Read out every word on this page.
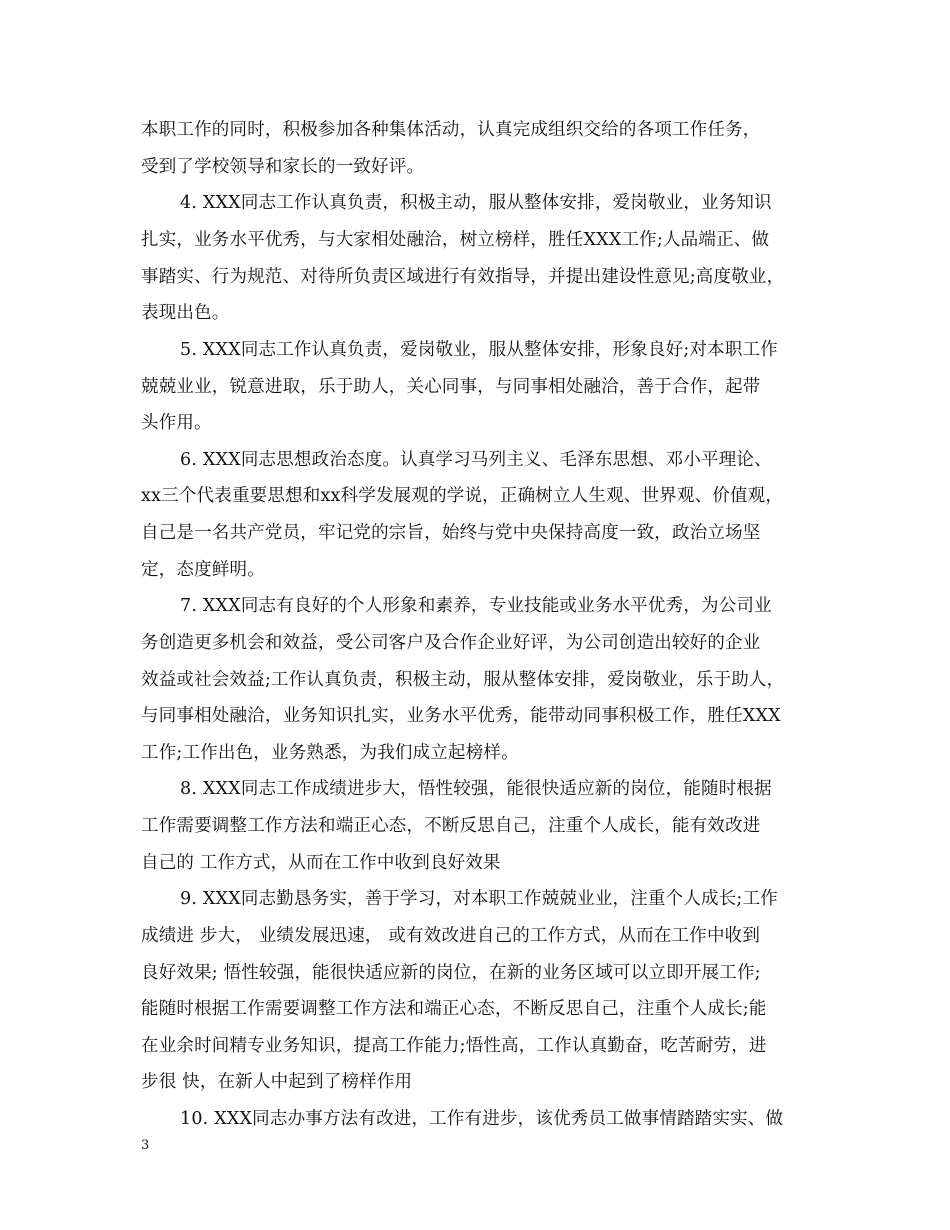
本职工作的同时，积极参加各种集体活动，认真完成组织交给的各项工作任务，
受到了学校领导和家长的一致好评。
4. XXX同志工作认真负责，积极主动，服从整体安排，爱岗敬业，业务知识
扎实，业务水平优秀，与大家相处融洽，树立榜样，胜任XXX工作;人品端正、做
事踏实、行为规范、对待所负责区域进行有效指导，并提出建设性意见;高度敬业，
表现出色。
5. XXX同志工作认真负责，爱岗敬业，服从整体安排，形象良好;对本职工作
兢兢业业，锐意进取，乐于助人，关心同事，与同事相处融洽，善于合作，起带
头作用。
6. XXX同志思想政治态度。认真学习马列主义、毛泽东思想、邓小平理论、
xx三个代表重要思想和xx科学发展观的学说，正确树立人生观、世界观、价值观，
自己是一名共产党员，牢记党的宗旨，始终与党中央保持高度一致，政治立场坚
定，态度鲜明。
7. XXX同志有良好的个人形象和素养，专业技能或业务水平优秀，为公司业
务创造更多机会和效益，受公司客户及合作企业好评，为公司创造出较好的企业
效益或社会效益;工作认真负责，积极主动，服从整体安排，爱岗敬业，乐于助人，
与同事相处融洽，业务知识扎实，业务水平优秀，能带动同事积极工作，胜任XXX
工作;工作出色，业务熟悉，为我们成立起榜样。
8. XXX同志工作成绩进步大，悟性较强，能很快适应新的岗位，能随时根据
工作需要调整工作方法和端正心态，不断反思自己，注重个人成长，能有效改进
自己的 工作方式，从而在工作中收到良好效果
9. XXX同志勤恳务实，善于学习，对本职工作兢兢业业，注重个人成长;工作
成绩进 步大， 业绩发展迅速， 或有效改进自己的工作方式，从而在工作中收到
良好效果; 悟性较强，能很快适应新的岗位，在新的业务区域可以立即开展工作;
能随时根据工作需要调整工作方法和端正心态，不断反思自己，注重个人成长;能
在业余时间精专业务知识，提高工作能力;悟性高，工作认真勤奋，吃苦耐劳，进
步很 快，在新人中起到了榜样作用
10. XXX同志办事方法有改进，工作有进步，该优秀员工做事情踏踏实实、做
3
